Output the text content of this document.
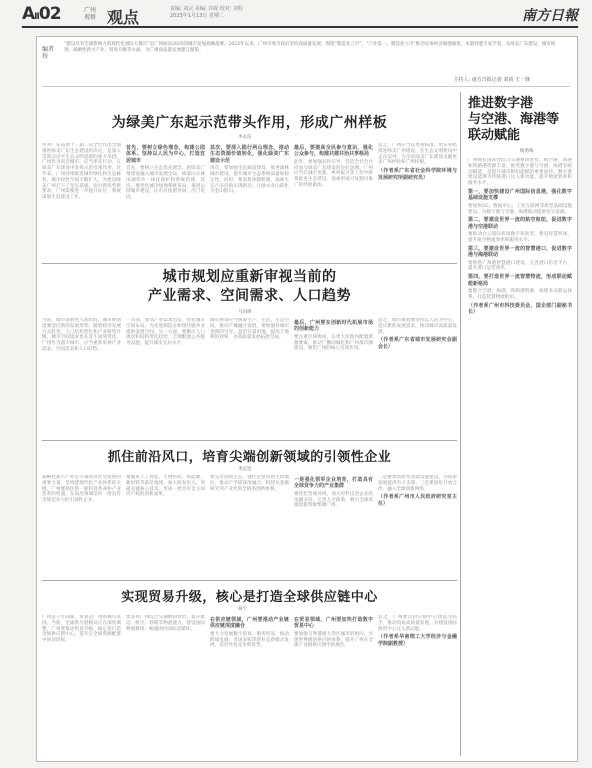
AII02	广州
观察 观点	责编: 刘云 美编: 许砚 校对: 刘程
2023年1月13日 星期二	南方日報
编者按
“建设具有全球影响力的现代化国际大都市”是广州面向2035的城市发展战略部署。2023年以来，广州市委市政府坚持高质量发展，围绕“制造业立市”、“产业第一、制造业立市”推动实体经济做强做优。本版特邀专家学者，从绿美广东建设、城市规划、战略性新兴产业、贸易升级等方面，为广州高质量发展建言献策。
主持人: 南方日报记者 刘倩 王一锋
为绿美广东起示范带头作用，形成广州样板
李永洁
中共广东省委十三届二次全会作出全面推进绿美广东生态建设的决定，是深入贯彻习近平生态文明思想的重大举措。广州作为省会城市，应当率先行动，在绿美广东建设中发挥示范引领作用。近年来，广州持续推进城市绿化和生态修复，城市绿色空间不断扩大，为建设绿美广州打下了坚实基础。面对新形势新要求，广州需要进一步提升站位，系统谋划生态建设工作。
首先，要树立绿色理念，构建公园体系。坚持以人民为中心，打造宜居城市
首先，要树立生态优先理念。把绿美广州建设融入城市发展全局，统筹山水林田湖草沙一体化保护和系统治理。其次，要优化城市绿地系统布局，推进公园城市建设，让市民推窗见绿、出门见园。
其次，要深入践行两山理念，推动生态资源价值转化，强化绿美广东建设示范
再次，要加强生态廊道建设，推进森林城市建设，提升城市生态系统质量和稳定性。同时，要创新体制机制，探索生态产品价值实现路径，让绿水青山转化为金山银山。
最后，要提高全民参与意识，强化公众参与，构建共建共治共享格局
此外，要加强宣传引导，营造全社会共同参与绿美广东建设的良好氛围。广州应当在城市更新、乡村振兴等工作中统筹推进生态建设，探索形成可复制可推广的经验做法。
总之，广州应当以更高标准、更实举措推进绿美广州建设，在生态文明建设中走在前列，为全省绿美广东建设贡献更多广州经验和广州样板。
（作者系广东省社会科学院环境与发展研究所副研究员）
城市规划应重新审视当前的
产业需求、空间需求、人口趋势
马向明
当前，城市发展进入新阶段，城市规划需要适应新的发展形势。随着经济发展方式转变、人口结构变化和产业转型升级，城市空间需求也在发生深刻变化。广州作为超大城市，应当重新审视产业需求、空间需求和人口趋势。
一方面，要从产业需求出发，优化城市空间布局，为先进制造业和现代服务业提供发展空间。另一方面，要顺应人口流动和结构变化趋势，合理配置公共服务设施，提升城市宜居水平。
城市规划应当统筹生产、生活、生态空间，推动产城融合发展。要加强对城市更新的引导，盘活存量用地，提高土地利用效率，为高质量发展拓展空间。
最后，广州要在创新时代拓展市场的创新能力
要注重区域协同，在更大范围内配置资源要素，推动广佛同城化和广州都市圈建设，强化广州的核心引领作用。
总之，城市规划要坚持以人民为中心，适应新的发展需求，推动城市高质量发展。
（作者系广东省城市发展研究会副会长）
抓住前沿风口，培育尖端创新领域的引领性企业
李志坚
战略性新兴产业是引领经济社会发展的重要力量，是构建现代化产业体系的关键。广州要抓住新一轮科技革命和产业变革的机遇，在前沿领域培育一批具有全球竞争力的引领性企业。
要聚焦人工智能、生物医药、新能源、新材料等前沿领域，加大研发投入，突破关键核心技术，形成一批具有自主知识产权的创新成果。
要完善创新生态，强化企业创新主体地位，推动产学研深度融合，构建从基础研究到产业化的全链条创新体系。
一是强化领军企业培育，打造具有全球竞争力的产业集群
要优化营商环境，加大对科技型企业的金融支持，完善人才政策，吸引全球高端创新资源集聚广州。
二是要加快新型基础设施建设，为创新发展提供有力支撑。三是要深化开放合作，融入全球创新网络。
（作者系广州市人民政府研究室主任）
实现贸易升级，核心是打造全球供应链中心
祝宁
广州是千年商都，贸易是广州的城市基因。当前，全球供应链格局正在深度调整，广州要推动贸易升级，核心是打造全球供应链中心，提升在全球资源配置中的话语权。
要发挥广州综合交通枢纽优势，提升航运、航空、铁路等物流能力，建设国际物流枢纽，畅通国内国际双循环。
在供应链领域，广州要推动产业链供应链深度融合
要大力发展数字贸易、服务贸易，推动跨境电商、市场采购等新业态新模式发展，培育外贸竞争新优势。
在贸易领域，广州要加快打造数字贸易中心
要加强与粤港澳大湾区城市的协同，共建世界级的供应链体系，提升广州在全球产业链供应链中的地位。
总之，广州要以供应链中心建设为抓手，推动贸易高质量发展，为建设国际商贸中心注入新动能。
（作者系华南理工大学经济与金融学院副教授）
推进数字港
与空港、海港等
联动赋能
杨勇梅
广州拥有国际性综合交通枢纽优势，航空港、海港和铁路港资源丰富。推进数字港与空港、海港等联动赋能，是提升城市枢纽能级的重要途径。数字港建设能够为传统港口注入新动能，提升物流效率和服务水平。
第一，要加快建设广州国际信息港，强化数字基础设施支撑
要加快5G、数据中心、工业互联网等新型基础设施建设，为数字港与空港、海港联动提供坚实基础。
第二，要建设世界一流的航空枢纽，促进数字港与空港联动
要推动白云国际机场数字化转型，建设智慧机场，提升航空物流效率和服务水平。
第三，要建设世界一流的智慧港口，促进数字港与海港联动
要推进广州港智慧港口建设，完善港口信息平台，提升港口运营效率。
第四，要打造世界一流智慧物流，形成联动赋能新格局
要整合空港、海港、铁路港资源，构建多式联运体系，打造智慧物流枢纽。
（作者系广州市科技委员会、国企部门副秘书长）
